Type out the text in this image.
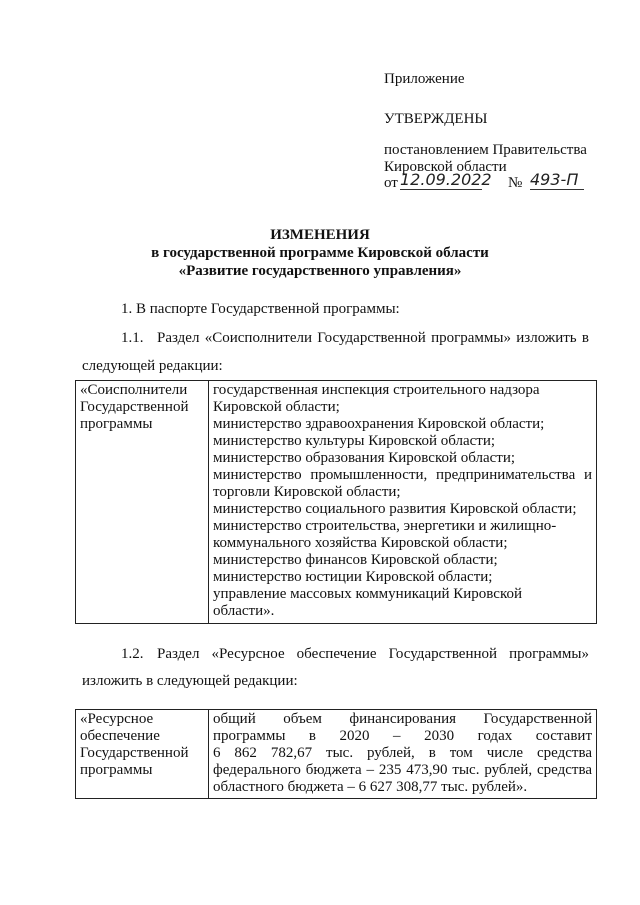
Приложение
УТВЕРЖДЕНЫ
постановлением Правительства
Кировской области
от 12.09.2022 № 493-П
ИЗМЕНЕНИЯ
в государственной программе Кировской области
«Развитие государственного управления»
1. В паспорте Государственной программы:
1.1. Раздел «Соисполнители Государственной программы» изложить в
следующей редакции:
«Соисполнители
Государственной
программы

государственная инспекция строительного надзора
Кировской области;
министерство здравоохранения Кировской области;
министерство культуры Кировской области;
министерство образования Кировской области;
министерство промышленности, предпринимательства и
торговли Кировской области;
министерство социального развития Кировской области;
министерство строительства, энергетики и жилищно-
коммунального хозяйства Кировской области;
министерство финансов Кировской области;
министерство юстиции Кировской области;
управление массовых коммуникаций Кировской
области».
1.2. Раздел «Ресурсное обеспечение Государственной программы»
изложить в следующей редакции:
«Ресурсное
обеспечение
Государственной
программы

общий объем финансирования Государственной
программы в 2020 – 2030 годах составит
6 862 782,67 тыс. рублей, в том числе средства
федерального бюджета – 235 473,90 тыс. рублей, средства
областного бюджета – 6 627 308,77 тыс. рублей».
